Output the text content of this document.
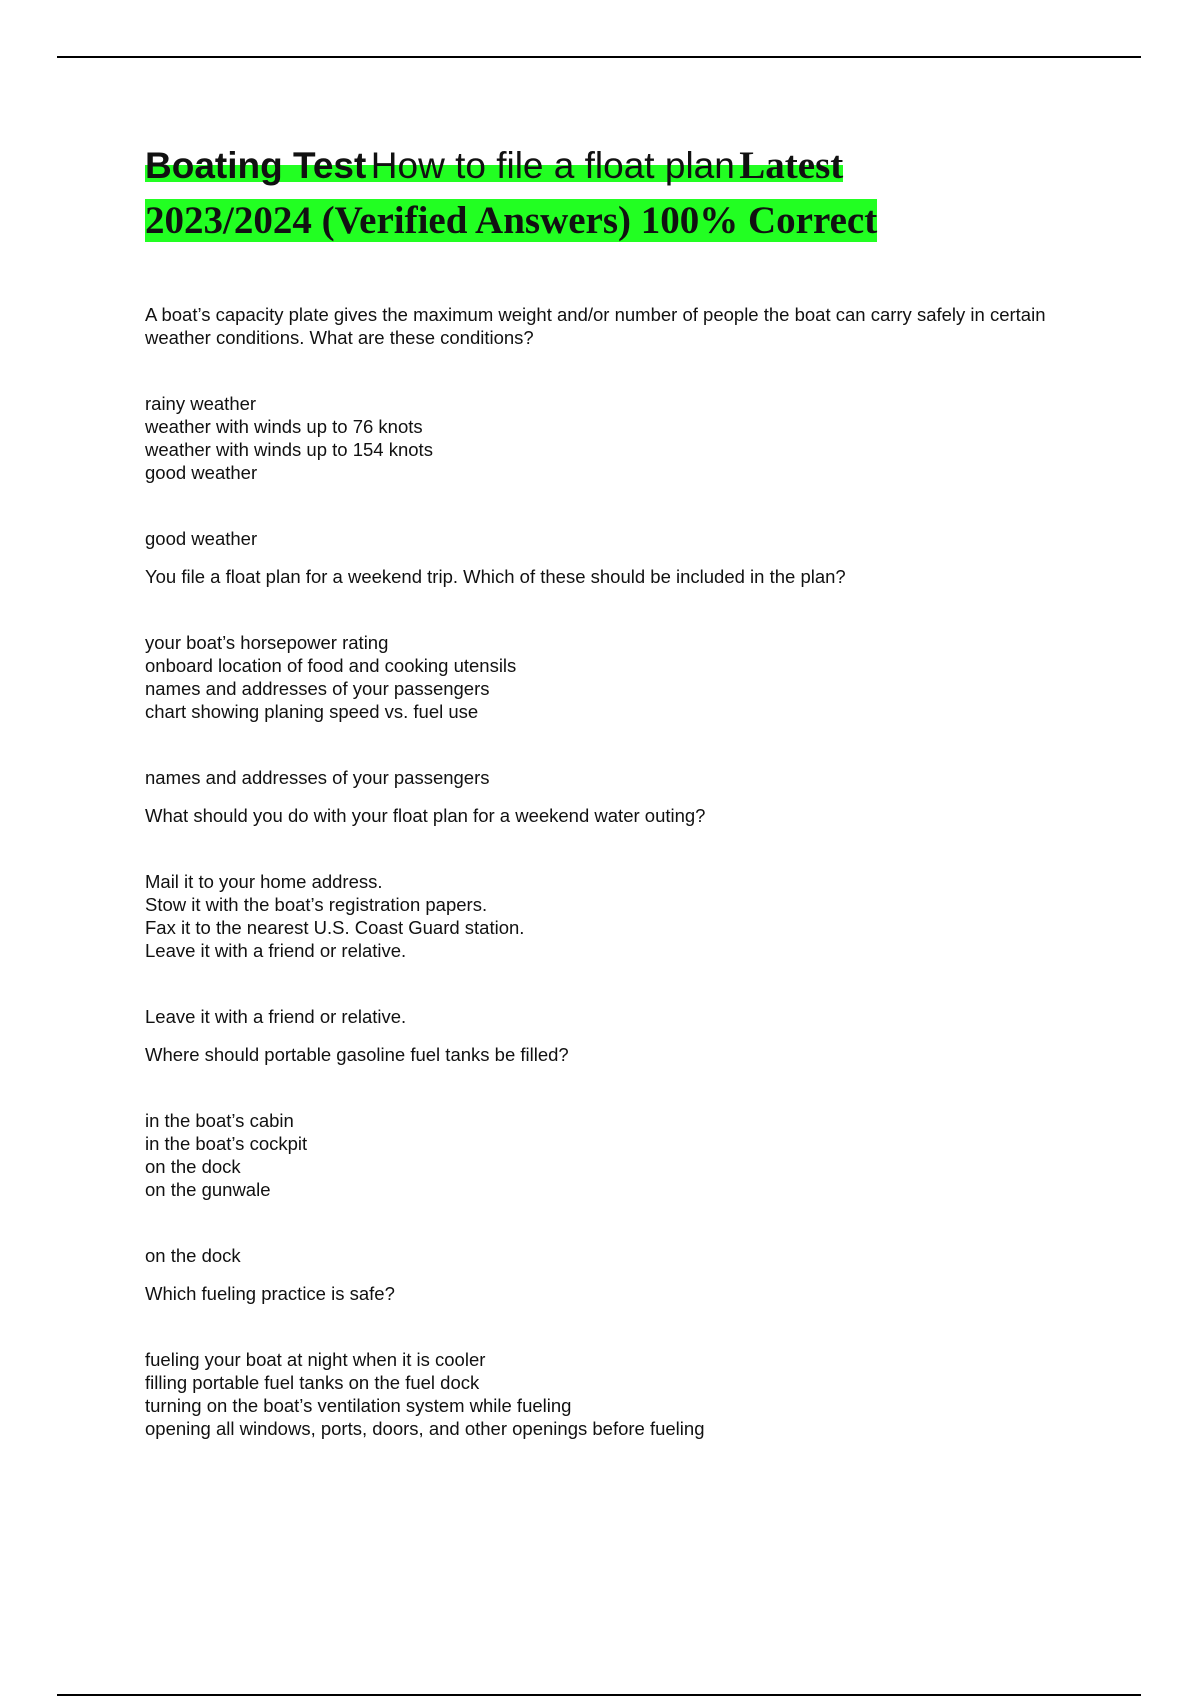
Boating Test How to file a float plan Latest
2023/2024 (Verified Answers) 100% Correct

A boat’s capacity plate gives the maximum weight and/or number of people the boat can carry safely in certain weather conditions. What are these conditions?

rainy weather
weather with winds up to 76 knots
weather with winds up to 154 knots
good weather
good weather

You file a float plan for a weekend trip. Which of these should be included in the plan?

your boat’s horsepower rating
onboard location of food and cooking utensils
names and addresses of your passengers
chart showing planing speed vs. fuel use
names and addresses of your passengers

What should you do with your float plan for a weekend water outing?

Mail it to your home address.
Stow it with the boat’s registration papers.
Fax it to the nearest U.S. Coast Guard station.
Leave it with a friend or relative.
Leave it with a friend or relative.

Where should portable gasoline fuel tanks be filled?

in the boat’s cabin
in the boat’s cockpit
on the dock
on the gunwale
on the dock

Which fueling practice is safe?

fueling your boat at night when it is cooler
filling portable fuel tanks on the fuel dock
turning on the boat’s ventilation system while fueling
opening all windows, ports, doors, and other openings before fueling
